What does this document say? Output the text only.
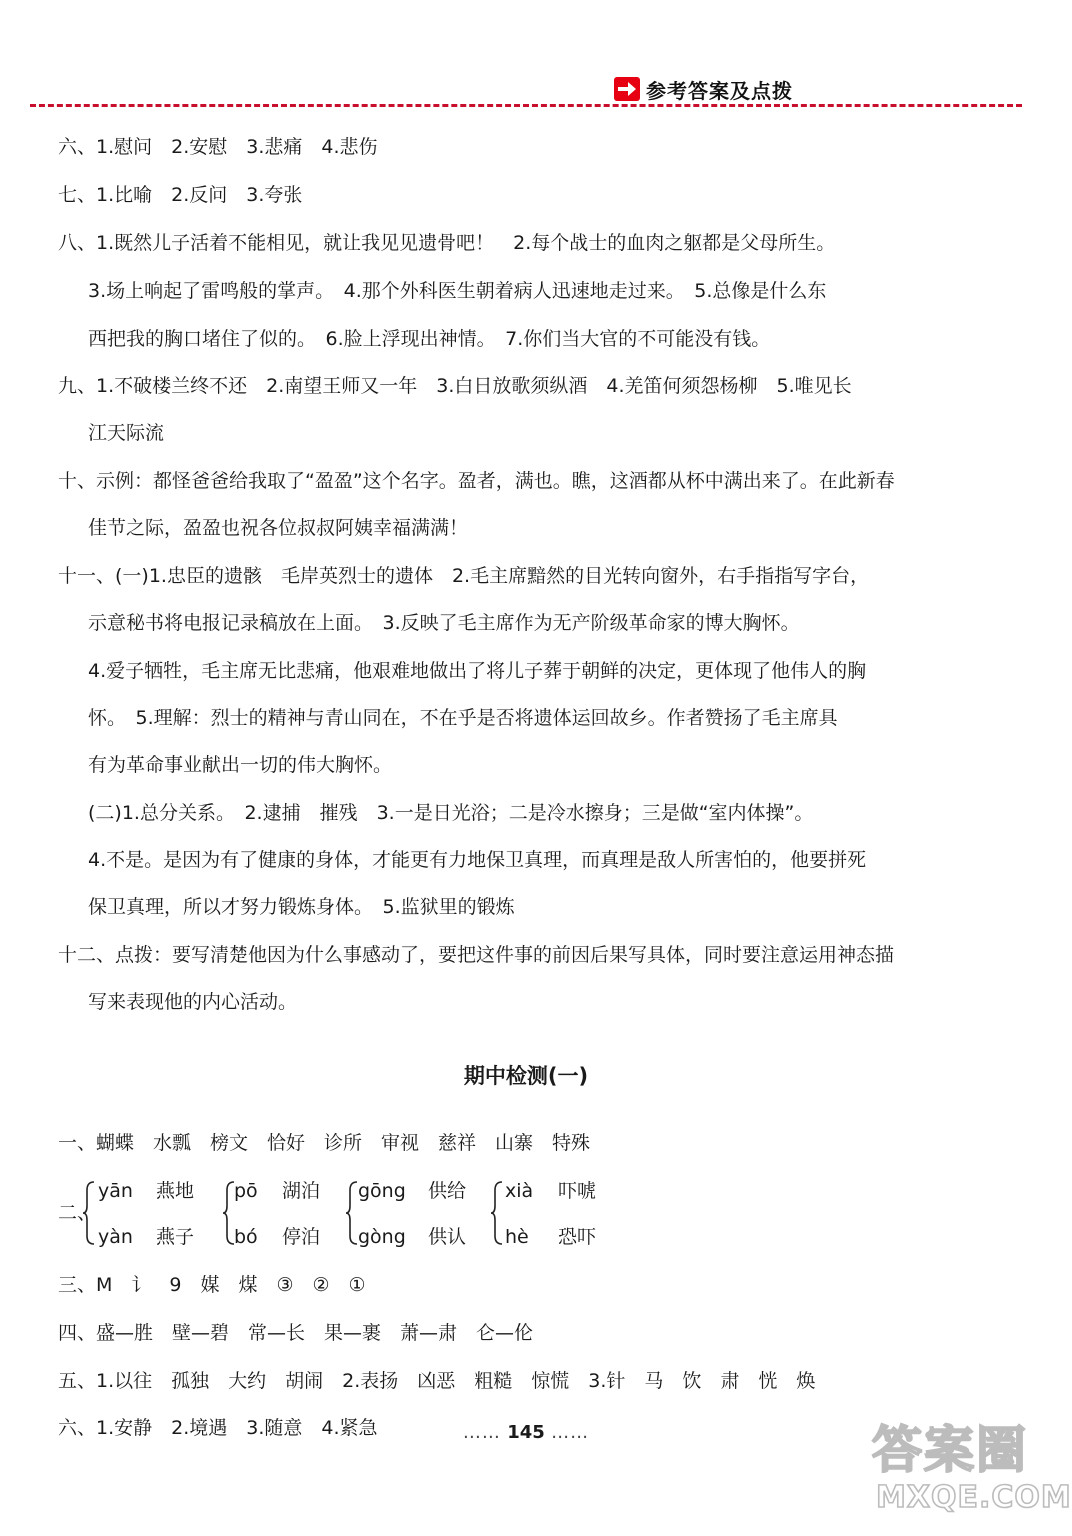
参考答案及点拨
六、1.慰问　2.安慰　3.悲痛　4.悲伤
七、1.比喻　2.反问　3.夸张
八、1.既然儿子活着不能相见，就让我见见遗骨吧！　2.每个战士的血肉之躯都是父母所生。
3.场上响起了雷鸣般的掌声。　4.那个外科医生朝着病人迅速地走过来。　5.总像是什么东
西把我的胸口堵住了似的。　6.脸上浮现出神情。　7.你们当大官的不可能没有钱。
九、1.不破楼兰终不还　2.南望王师又一年　3.白日放歌须纵酒　4.羌笛何须怨杨柳　5.唯见长
江天际流
十、示例：都怪爸爸给我取了“盈盈”这个名字。盈者，满也。瞧，这酒都从杯中满出来了。在此新春
佳节之际，盈盈也祝各位叔叔阿姨幸福满满！
十一、(一)1.忠臣的遗骸　毛岸英烈士的遗体　2.毛主席黯然的目光转向窗外，右手指指写字台，
示意秘书将电报记录稿放在上面。　3.反映了毛主席作为无产阶级革命家的博大胸怀。
4.爱子牺牲，毛主席无比悲痛，他艰难地做出了将儿子葬于朝鲜的决定，更体现了他伟人的胸
怀。　5.理解：烈士的精神与青山同在，不在乎是否将遗体运回故乡。作者赞扬了毛主席具
有为革命事业献出一切的伟大胸怀。
(二)1.总分关系。　2.逮捕　摧残　3.一是日光浴；二是冷水擦身；三是做“室内体操”。
4.不是。是因为有了健康的身体，才能更有力地保卫真理，而真理是敌人所害怕的，他要拼死
保卫真理，所以才努力锻炼身体。　5.监狱里的锻炼
十二、点拨：要写清楚他因为什么事感动了，要把这件事的前因后果写具体，同时要注意运用神态描
写来表现他的内心活动。
期中检测(一)
一、蝴蝶　水瓢　榜文　恰好　诊所　审视　慈祥　山寨　特殊
二、
yān 燕地 pō 湖泊 gōng 供给 xià 吓唬
yàn 燕子 bó 停泊 gòng 供认 hè 恐吓
三、M　讠　9　媒　煤　③　②　①
四、盛—胜　壁—碧　常—长　果—裹　萧—肃　仑—伦
五、1.以往　孤独　大约　胡闹　2.表扬　凶恶　粗糙　惊慌　3.针　马　饮　肃　恍　焕
六、1.安静　2.境遇　3.随意　4.紧急	…… 145 ……	答案圈
MXQE.COM
